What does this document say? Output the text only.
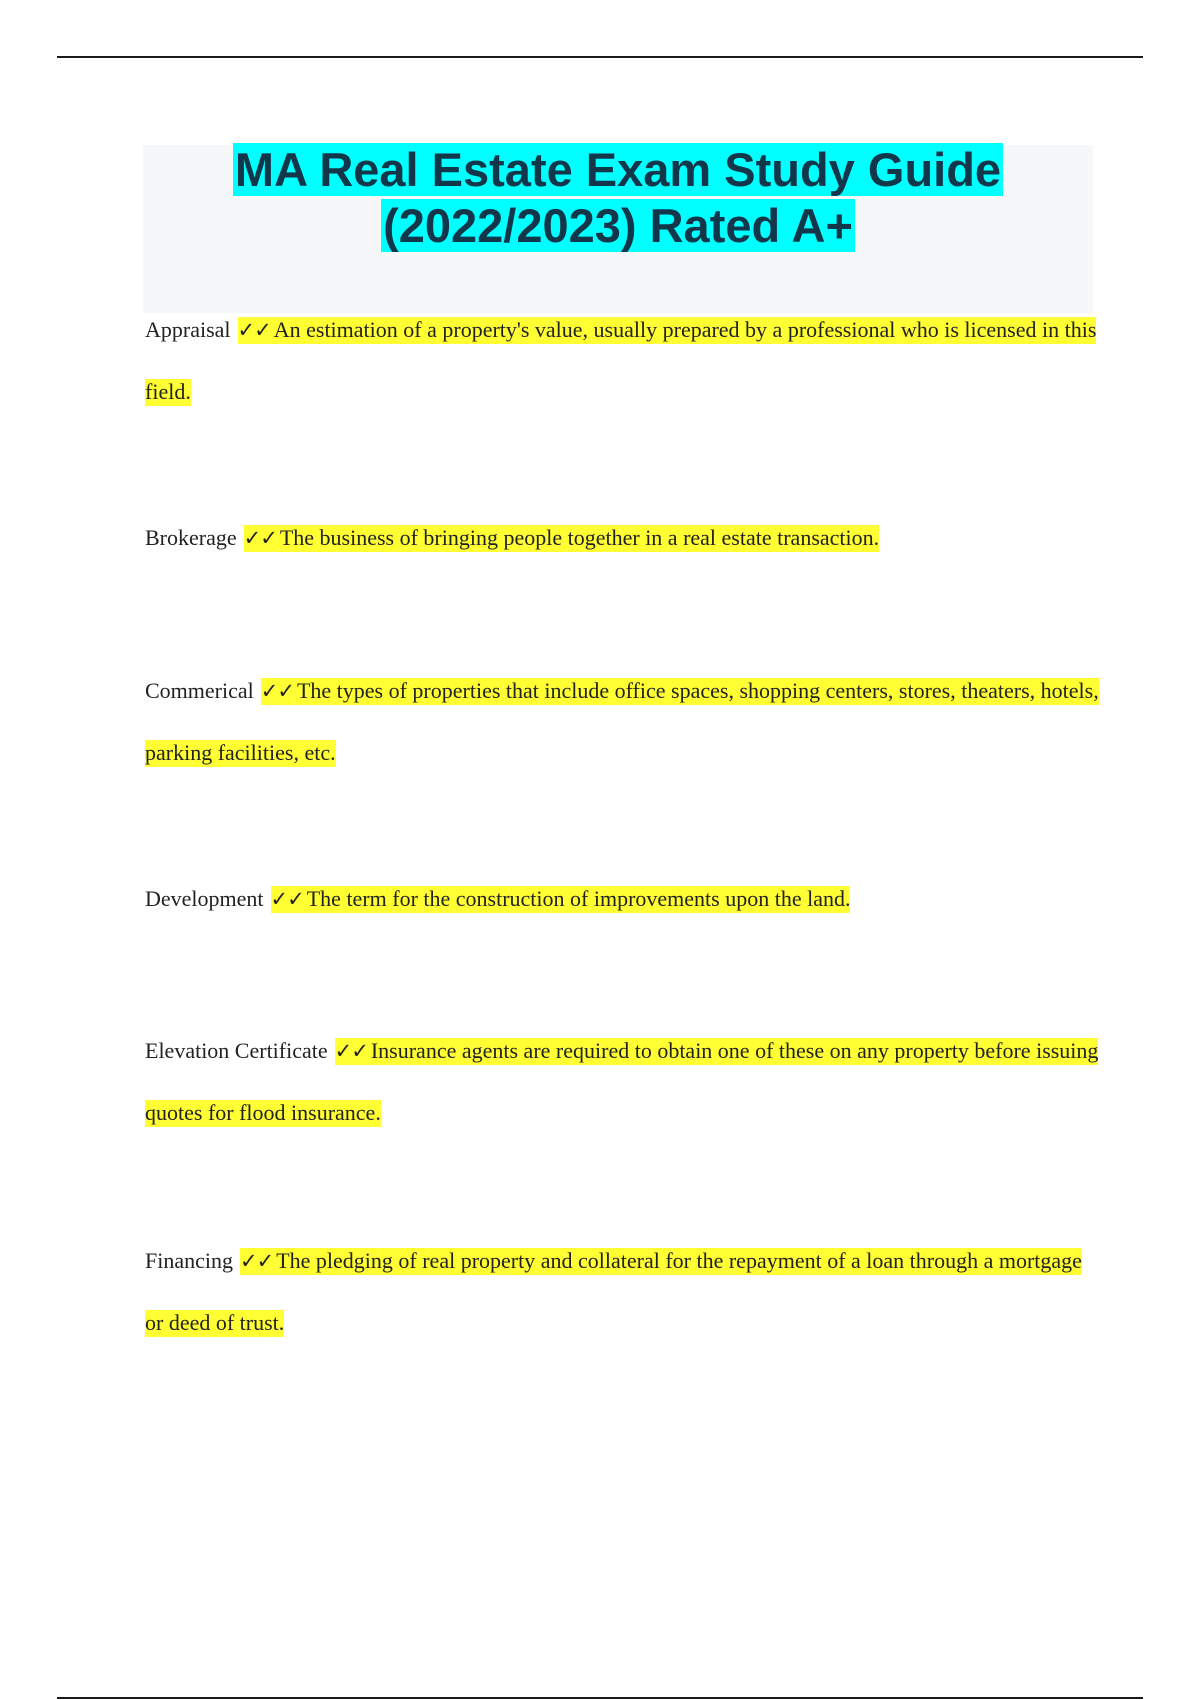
MA Real Estate Exam Study Guide
(2022/2023) Rated A+

Appraisal ✓✓ An estimation of a property's value, usually prepared by a professional who is licensed in this field.

Brokerage ✓✓ The business of bringing people together in a real estate transaction.

Commerical ✓✓ The types of properties that include office spaces, shopping centers, stores, theaters, hotels, parking facilities, etc.

Development ✓✓ The term for the construction of improvements upon the land.

Elevation Certificate ✓✓ Insurance agents are required to obtain one of these on any property before issuing quotes for flood insurance.

Financing ✓✓ The pledging of real property and collateral for the repayment of a loan through a mortgage or deed of trust.
